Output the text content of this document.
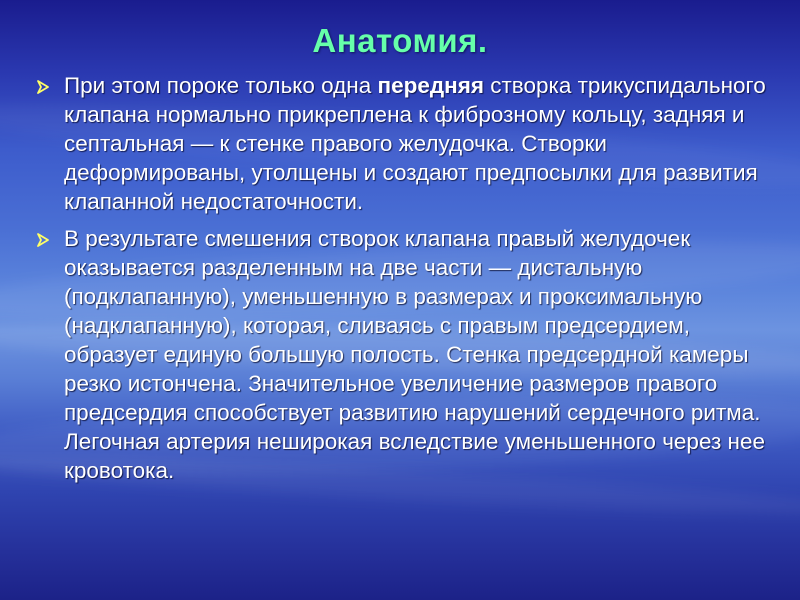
Анатомия.
При этом пороке только одна передняя створка трикуспидального клапана нормально прикреплена к фиброзному кольцу, задняя и септальная — к стенке правого желудочка. Створки деформированы, утолщены и создают предпосылки для развития клапанной недостаточности.
В результате смешения створок клапана правый желудочек оказывается разделенным на две части — дистальную (подклапанную), уменьшенную в размерах и проксимальную (надклапанную), которая, сливаясь с правым предсердием, образует единую большую полость. Стенка предсердной камеры резко истончена. Значительное увеличение размеров правого предсердия способствует развитию нарушений сердечного ритма. Легочная артерия неширокая вследствие уменьшенного через нее кровотока.
